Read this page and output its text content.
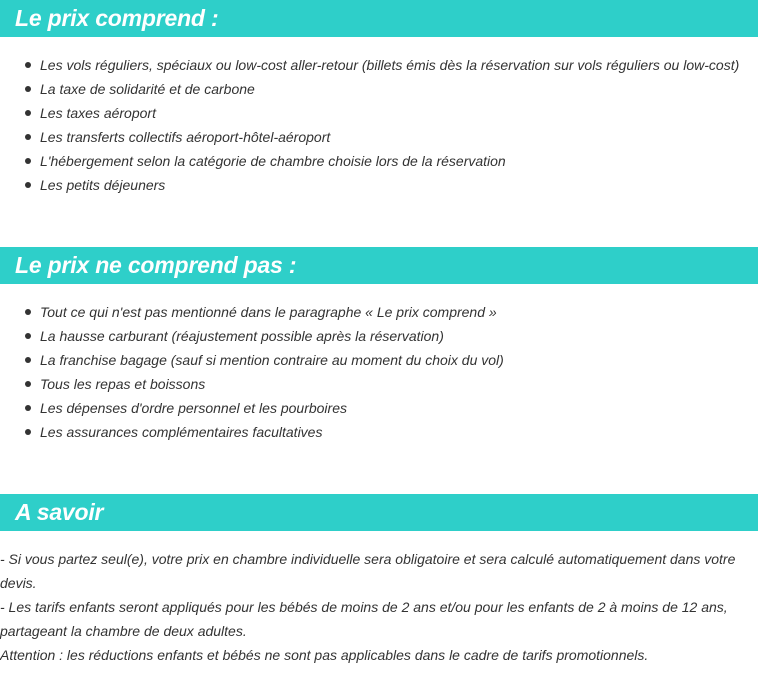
Le prix comprend :
Les vols réguliers, spéciaux ou low-cost aller-retour (billets émis dès la réservation sur vols réguliers ou low-cost)
La taxe de solidarité et de carbone
Les taxes aéroport
Les transferts collectifs aéroport-hôtel-aéroport
L'hébergement selon la catégorie de chambre choisie lors de la réservation
Les petits déjeuners
Le prix ne comprend pas :
Tout ce qui n'est pas mentionné dans le paragraphe « Le prix comprend »
La hausse carburant (réajustement possible après la réservation)
La franchise bagage (sauf si mention contraire au moment du choix du vol)
Tous les repas et boissons
Les dépenses d'ordre personnel et les pourboires
Les assurances complémentaires facultatives
A savoir

- Si vous partez seul(e), votre prix en chambre individuelle sera obligatoire et sera calculé automatiquement dans votre devis.

- Les tarifs enfants seront appliqués pour les bébés de moins de 2 ans et/ou pour les enfants de 2 à moins de 12 ans, partageant la chambre de deux adultes.

Attention : les réductions enfants et bébés ne sont pas applicables dans le cadre de tarifs promotionnels.
